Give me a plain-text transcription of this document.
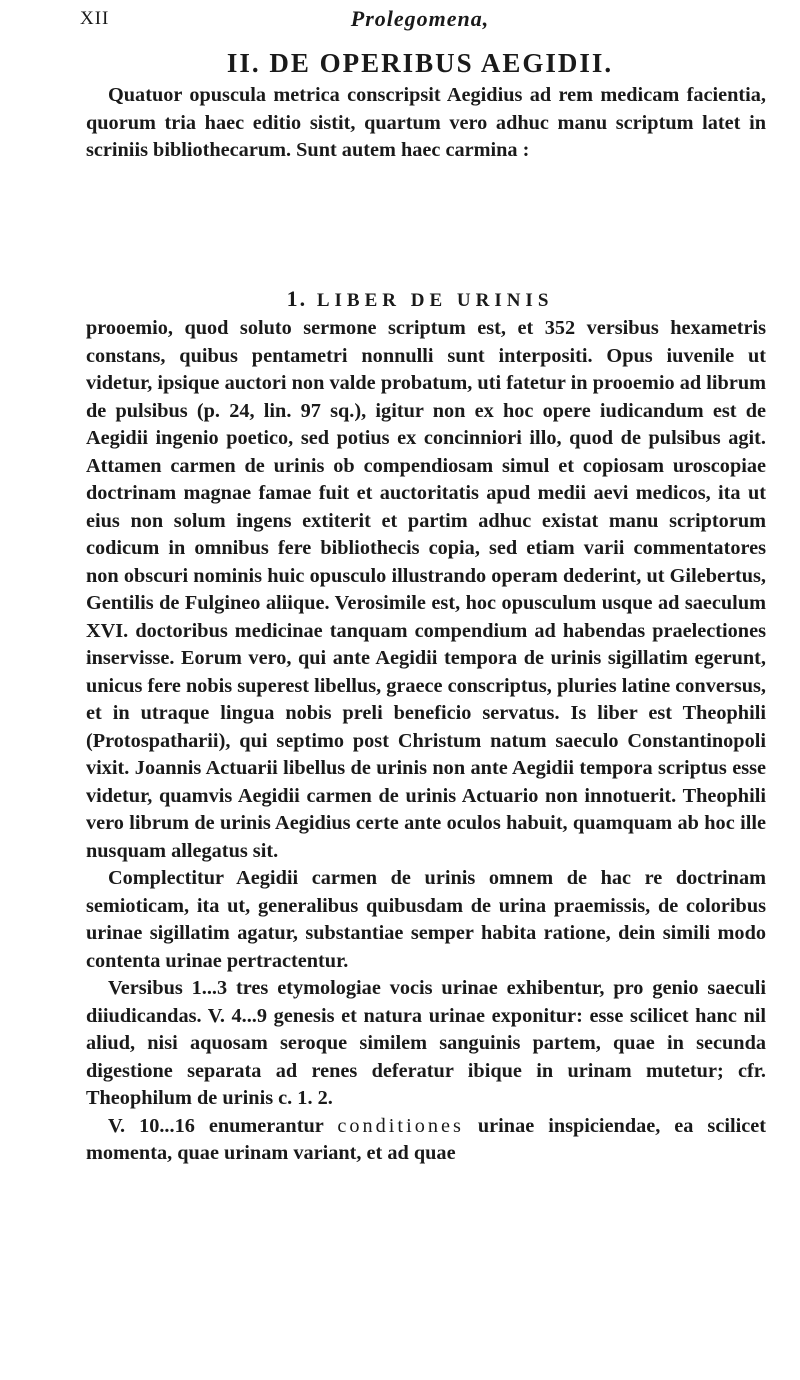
XII	Prolegomena,
II. DE OPERIBUS AEGIDII.

Quatuor opuscula metrica conscripsit Aegidius ad rem medicam facientia, quorum tria haec editio sistit, quartum vero adhuc manu scriptum latet in scriniis bibliothecarum. Sunt autem haec carmina :

1. LIBER DE URINIS

prooemio, quod soluto sermone scriptum est, et 352 versibus hexametris constans, quibus pentametri nonnulli sunt interpositi. Opus iuvenile ut videtur, ipsique auctori non valde probatum, uti fatetur in prooemio ad librum de pulsibus (p. 24, lin. 97 sq.), igitur non ex hoc opere iudicandum est de Aegidii ingenio poetico, sed potius ex concinniori illo, quod de pulsibus agit. Attamen carmen de urinis ob compendiosam simul et copiosam uroscopiae doctrinam magnae famae fuit et auctoritatis apud medii aevi medicos, ita ut eius non solum ingens extiterit et partim adhuc existat manu scriptorum codicum in omnibus fere bibliothecis copia, sed etiam varii commentatores non obscuri nominis huic opusculo illustrando operam dederint, ut Gilebertus, Gentilis de Fulgineo aliique. Verosimile est, hoc opusculum usque ad saeculum XVI. doctoribus medicinae tanquam compendium ad habendas praelectiones inservisse. Eorum vero, qui ante Aegidii tempora de urinis sigillatim egerunt, unicus fere nobis superest libellus, graece conscriptus, pluries latine conversus, et in utraque lingua nobis preli beneficio servatus. Is liber est Theophili (Protospatharii), qui septimo post Christum natum saeculo Constantinopoli vixit. Joannis Actuarii libellus de urinis non ante Aegidii tempora scriptus esse videtur, quamvis Aegidii carmen de urinis Actuario non innotuerit. Theophili vero librum de urinis Aegidius certe ante oculos habuit, quamquam ab hoc ille nusquam allegatus sit.

Complectitur Aegidii carmen de urinis omnem de hac re doctrinam semioticam, ita ut, generalibus quibusdam de urina praemissis, de coloribus urinae sigillatim agatur, substantiae semper habita ratione, dein simili modo contenta urinae pertractentur.

Versibus 1...3 tres etymologiae vocis urinae exhibentur, pro genio saeculi diiudicandas. V. 4...9 genesis et natura urinae exponitur: esse scilicet hanc nil aliud, nisi aquosam seroque similem sanguinis partem, quae in secunda digestione separata ad renes deferatur ibique in urinam mutetur; cfr. Theophilum de urinis c. 1. 2.

V. 10...16 enumerantur conditiones urinae inspiciendae, ea scilicet momenta, quae urinam variant, et ad quae
